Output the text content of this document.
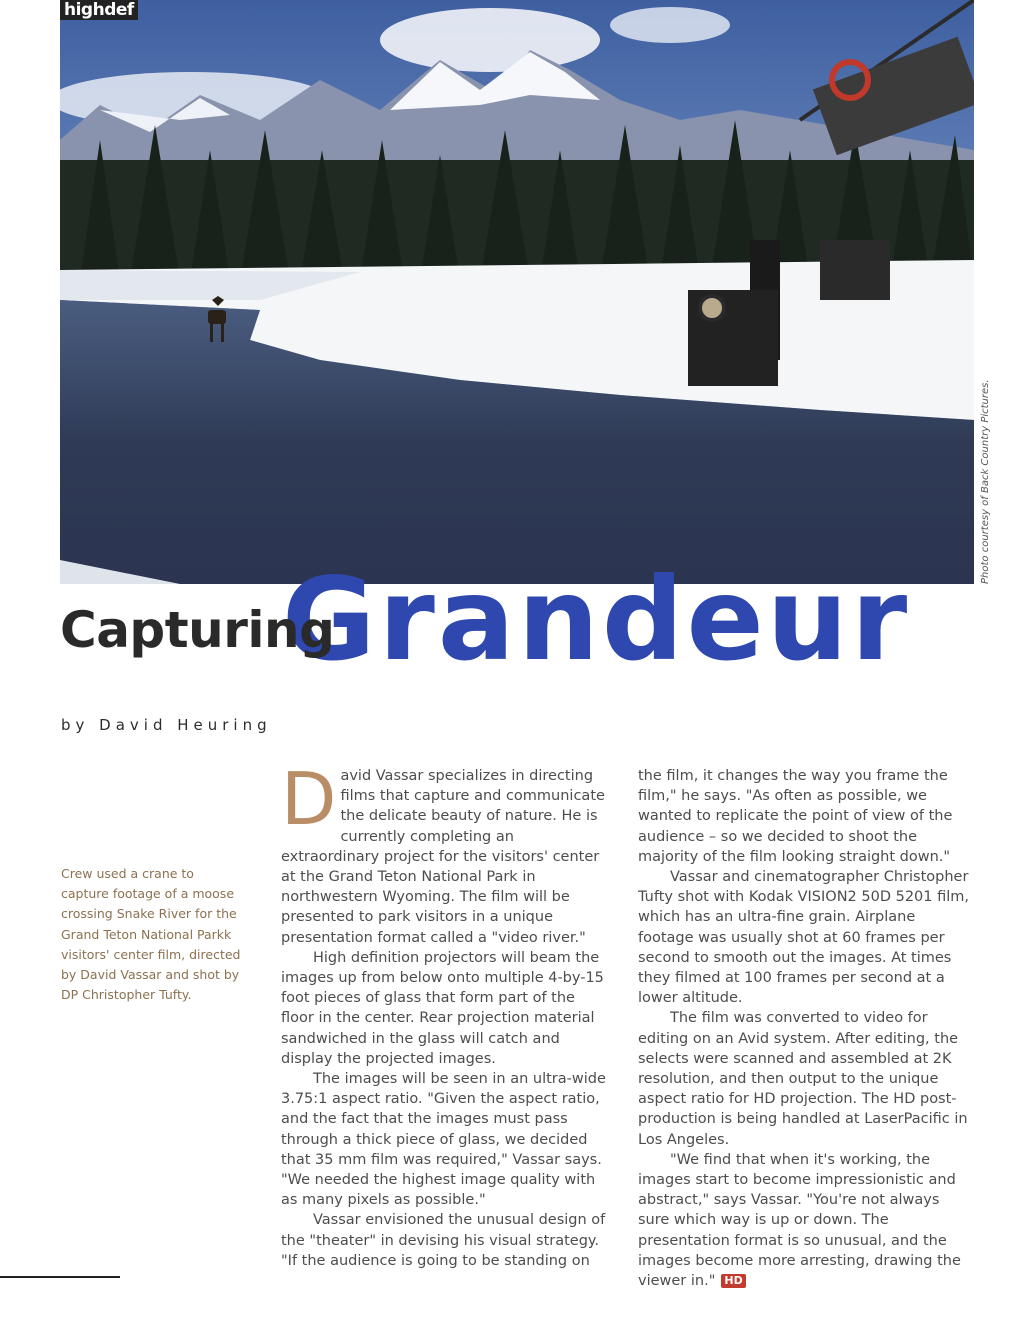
highdef
Photo courtesy of Back Country Pictures.
Grandeur
Capturing
by David Heuring

Crew used a crane to capture footage of a moose crossing Snake River for the Grand Teton National Parkk visitors' center film, directed by David Vassar and shot by DP Christopher Tufty.

David Vassar specializes in directing films that capture and communicate the delicate beauty of nature. He is currently completing an extraordinary project for the visitors' center at the Grand Teton National Park in northwestern Wyoming. The film will be presented to park visitors in a unique presentation format called a "video river."

High definition projectors will beam the images up from below onto multiple 4-by-15 foot pieces of glass that form part of the floor in the center. Rear projection material sandwiched in the glass will catch and display the projected images.

The images will be seen in an ultra-wide 3.75:1 aspect ratio. "Given the aspect ratio, and the fact that the images must pass through a thick piece of glass, we decided that 35 mm film was required," Vassar says. "We needed the highest image quality with as many pixels as possible."

Vassar envisioned the unusual design of the "theater" in devising his visual strategy. "If the audience is going to be standing on

the film, it changes the way you frame the film," he says. "As often as possible, we wanted to replicate the point of view of the audience – so we decided to shoot the majority of the film looking straight down."

Vassar and cinematographer Christopher Tufty shot with Kodak VISION2 50D 5201 film, which has an ultra-fine grain. Airplane footage was usually shot at 60 frames per second to smooth out the images. At times they filmed at 100 frames per second at a lower altitude.

The film was converted to video for editing on an Avid system. After editing, the selects were scanned and assembled at 2K resolution, and then output to the unique aspect ratio for HD projection. The HD post-production is being handled at LaserPacific in Los Angeles.

"We find that when it's working, the images start to become impressionistic and abstract," says Vassar. "You're not always sure which way is up or down. The presentation format is so unusual, and the images become more arresting, drawing the viewer in." HD
